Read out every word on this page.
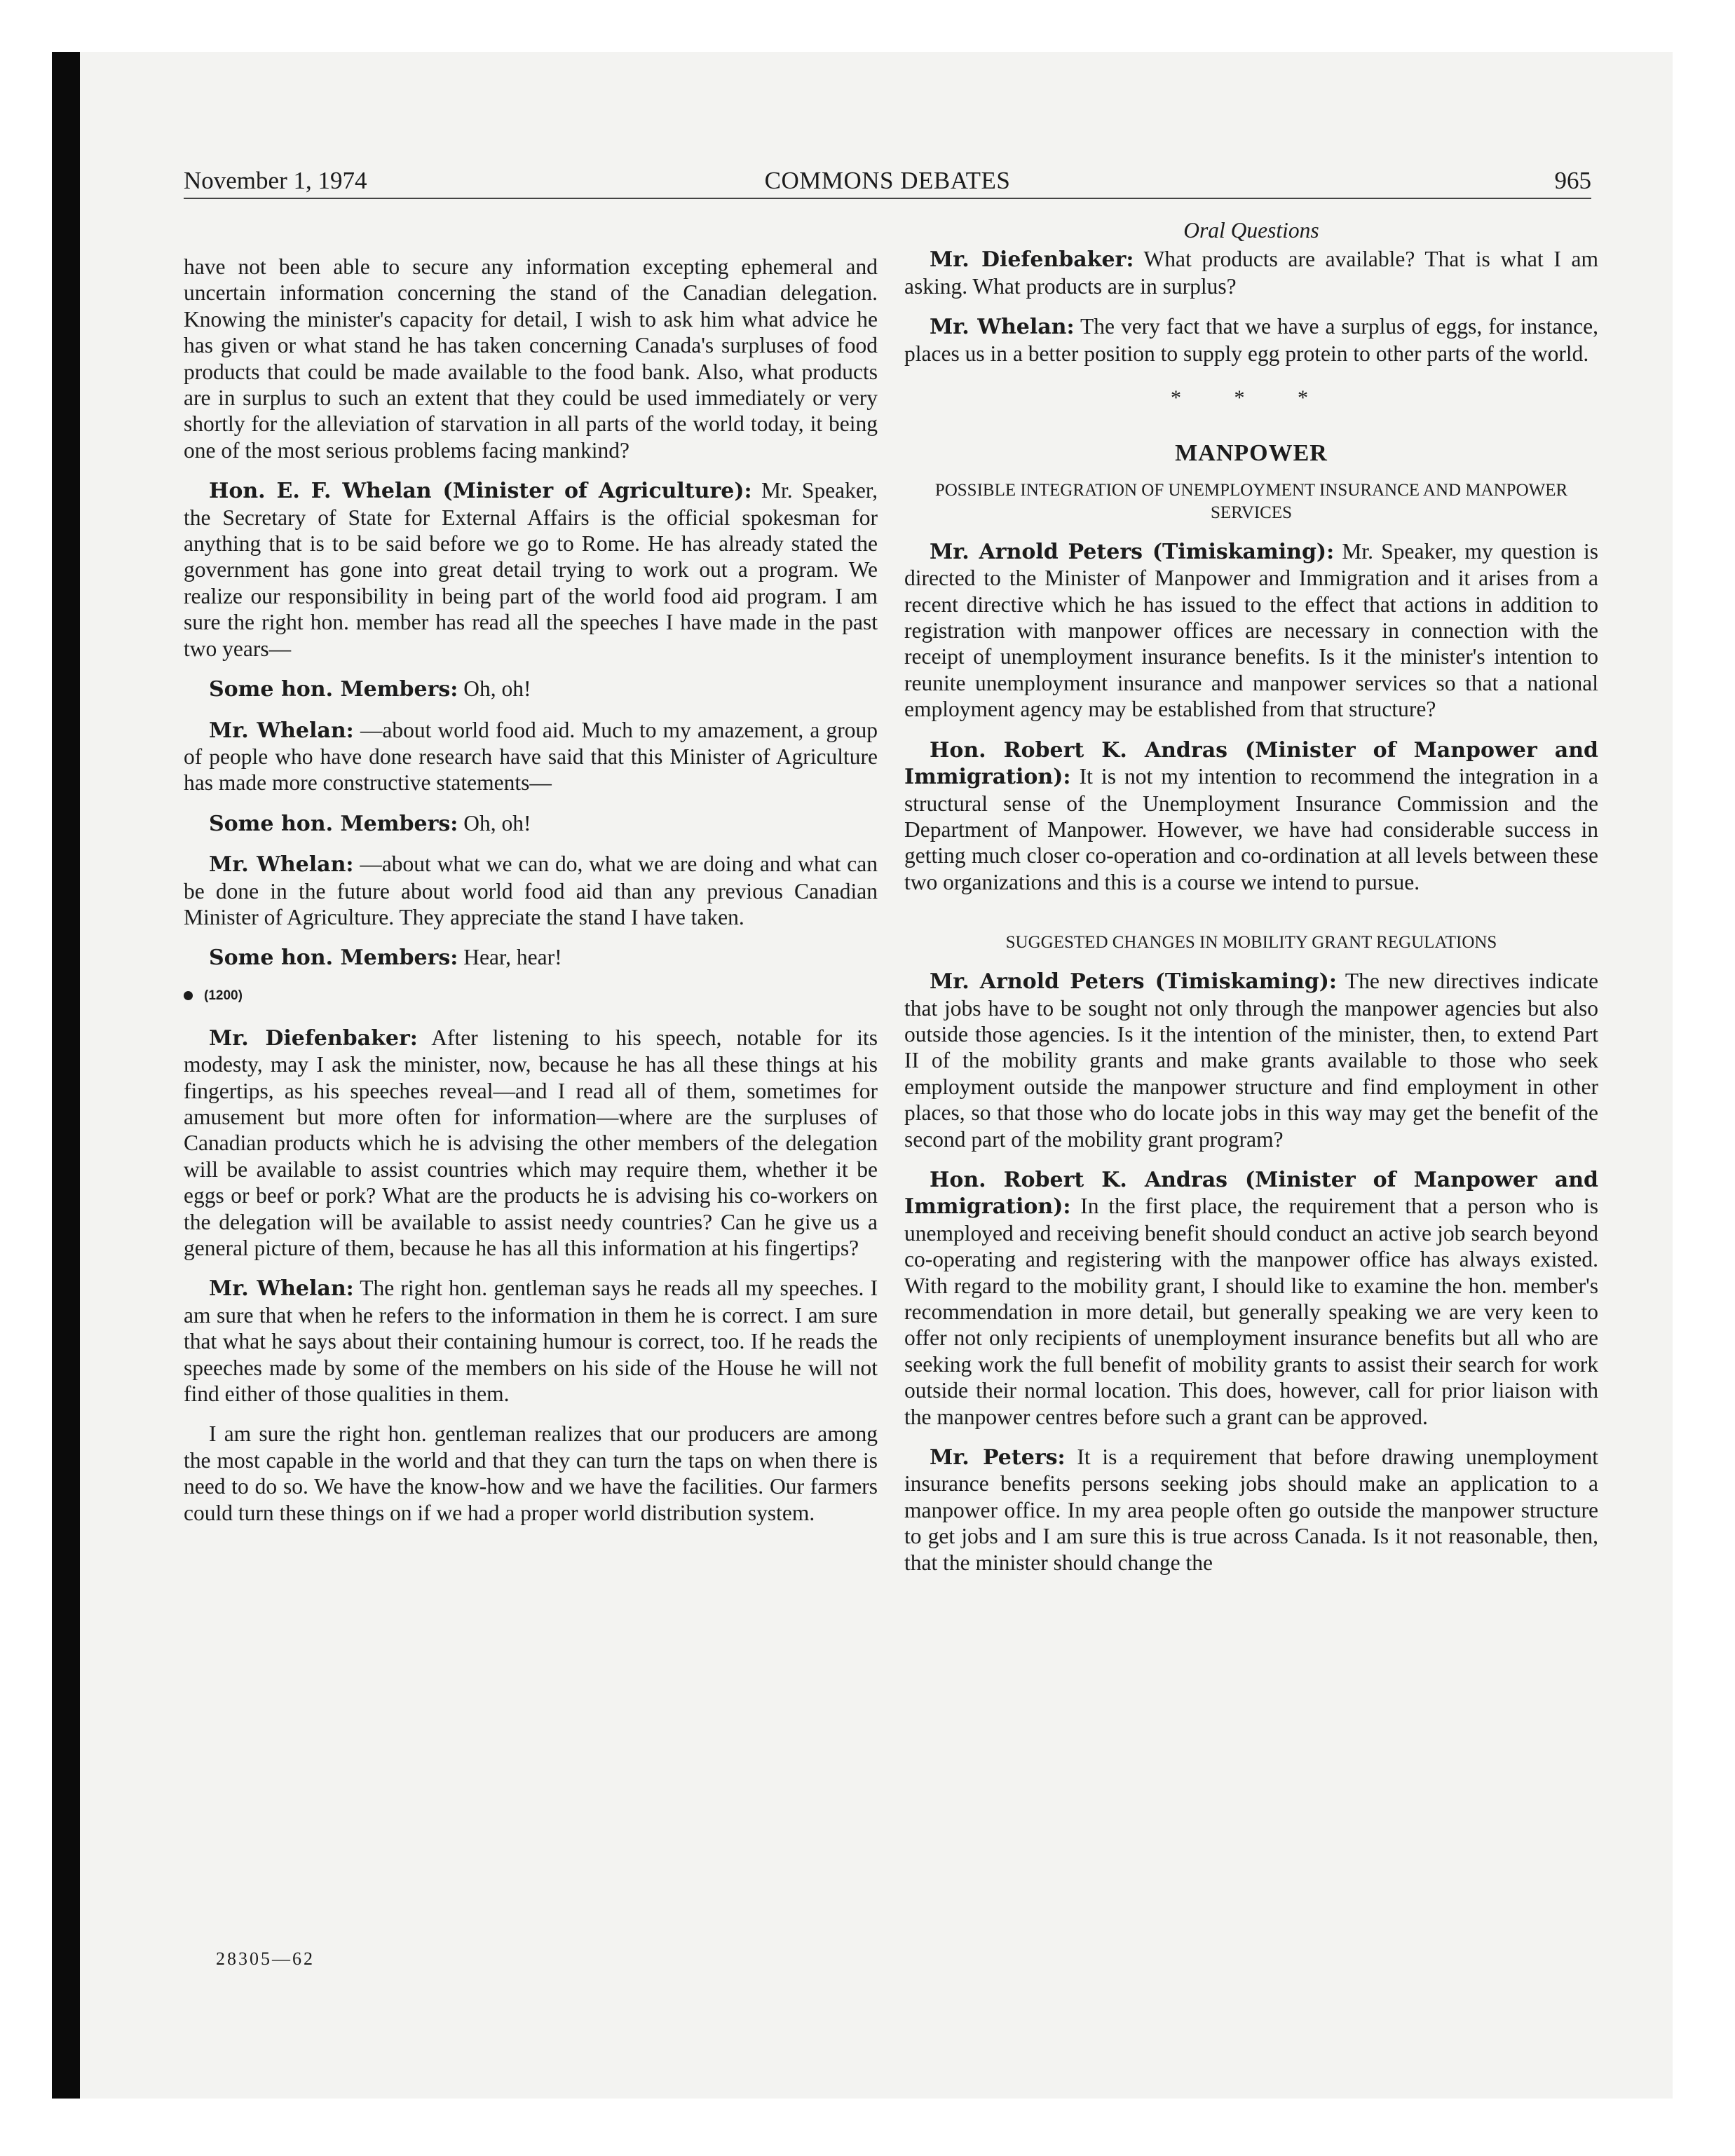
November 1, 1974	COMMONS DEBATES	965

have not been able to secure any information excepting ephemeral and uncertain information concerning the stand of the Canadian delegation. Knowing the minister's capacity for detail, I wish to ask him what advice he has given or what stand he has taken concerning Canada's surpluses of food products that could be made available to the food bank. Also, what products are in surplus to such an extent that they could be used immediately or very shortly for the alleviation of starvation in all parts of the world today, it being one of the most serious problems facing mankind?

Hon. E. F. Whelan (Minister of Agriculture): Mr. Speaker, the Secretary of State for External Affairs is the official spokesman for anything that is to be said before we go to Rome. He has already stated the government has gone into great detail trying to work out a program. We realize our responsibility in being part of the world food aid program. I am sure the right hon. member has read all the speeches I have made in the past two years—

Some hon. Members: Oh, oh!

Mr. Whelan: —about world food aid. Much to my amazement, a group of people who have done research have said that this Minister of Agriculture has made more constructive statements—

Some hon. Members: Oh, oh!

Mr. Whelan: —about what we can do, what we are doing and what can be done in the future about world food aid than any previous Canadian Minister of Agriculture. They appreciate the stand I have taken.

Some hon. Members: Hear, hear!

(1200)

Mr. Diefenbaker: After listening to his speech, notable for its modesty, may I ask the minister, now, because he has all these things at his fingertips, as his speeches reveal—and I read all of them, sometimes for amusement but more often for information—where are the surpluses of Canadian products which he is advising the other members of the delegation will be available to assist countries which may require them, whether it be eggs or beef or pork? What are the products he is advising his co-workers on the delegation will be available to assist needy countries? Can he give us a general picture of them, because he has all this information at his fingertips?

Mr. Whelan: The right hon. gentleman says he reads all my speeches. I am sure that when he refers to the information in them he is correct. I am sure that what he says about their containing humour is correct, too. If he reads the speeches made by some of the members on his side of the House he will not find either of those qualities in them.

I am sure the right hon. gentleman realizes that our producers are among the most capable in the world and that they can turn the taps on when there is need to do so. We have the know-how and we have the facilities. Our farmers could turn these things on if we had a proper world distribution system.

28305—62

Oral Questions

Mr. Diefenbaker: What products are available? That is what I am asking. What products are in surplus?

Mr. Whelan: The very fact that we have a surplus of eggs, for instance, places us in a better position to supply egg protein to other parts of the world.

* * *
MANPOWER
POSSIBLE INTEGRATION OF UNEMPLOYMENT INSURANCE AND MANPOWER SERVICES

Mr. Arnold Peters (Timiskaming): Mr. Speaker, my question is directed to the Minister of Manpower and Immigration and it arises from a recent directive which he has issued to the effect that actions in addition to registration with manpower offices are necessary in connection with the receipt of unemployment insurance benefits. Is it the minister's intention to reunite unemployment insurance and manpower services so that a national employment agency may be established from that structure?

Hon. Robert K. Andras (Minister of Manpower and Immigration): It is not my intention to recommend the integration in a structural sense of the Unemployment Insurance Commission and the Department of Manpower. However, we have had considerable success in getting much closer co-operation and co-ordination at all levels between these two organizations and this is a course we intend to pursue.

SUGGESTED CHANGES IN MOBILITY GRANT REGULATIONS

Mr. Arnold Peters (Timiskaming): The new directives indicate that jobs have to be sought not only through the manpower agencies but also outside those agencies. Is it the intention of the minister, then, to extend Part II of the mobility grants and make grants available to those who seek employment outside the manpower structure and find employment in other places, so that those who do locate jobs in this way may get the benefit of the second part of the mobility grant program?

Hon. Robert K. Andras (Minister of Manpower and Immigration): In the first place, the requirement that a person who is unemployed and receiving benefit should conduct an active job search beyond co-operating and registering with the manpower office has always existed. With regard to the mobility grant, I should like to examine the hon. member's recommendation in more detail, but generally speaking we are very keen to offer not only recipients of unemployment insurance benefits but all who are seeking work the full benefit of mobility grants to assist their search for work outside their normal location. This does, however, call for prior liaison with the manpower centres before such a grant can be approved.

Mr. Peters: It is a requirement that before drawing unemployment insurance benefits persons seeking jobs should make an application to a manpower office. In my area people often go outside the manpower structure to get jobs and I am sure this is true across Canada. Is it not reasonable, then, that the minister should change the
